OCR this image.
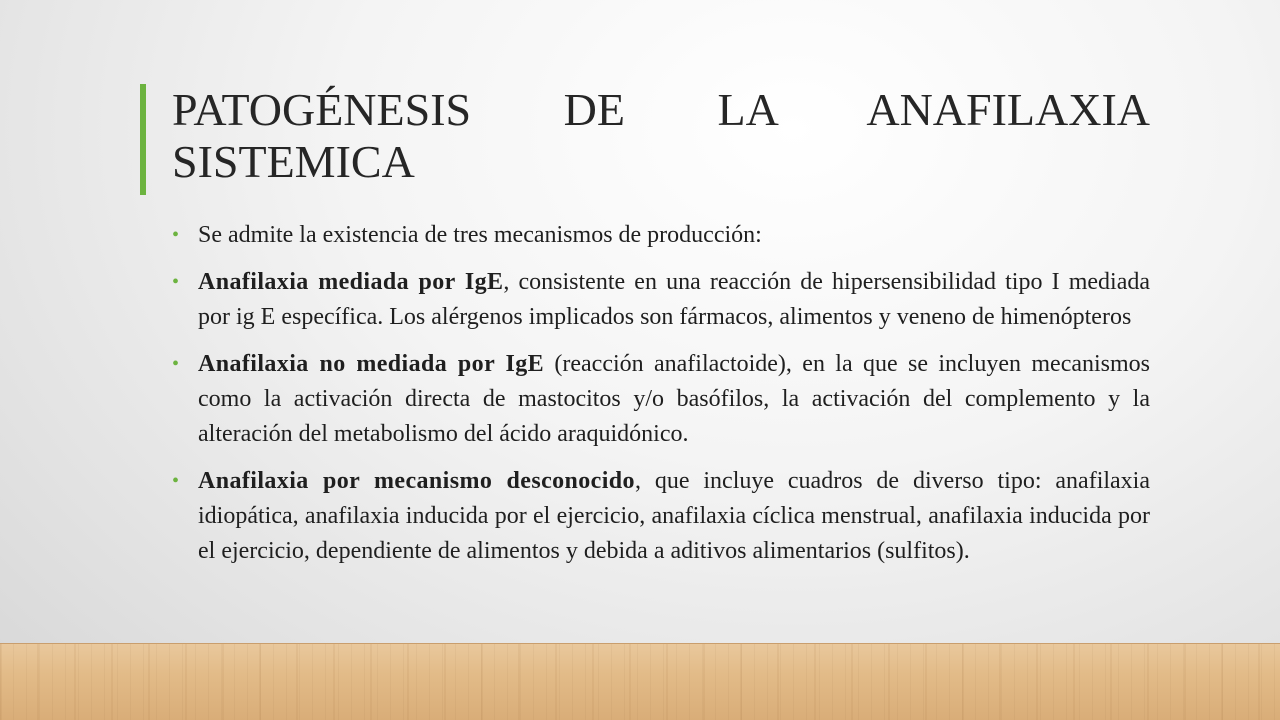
PATOGÉNESIS DE LA ANAFILAXIA
SISTEMICA
• Se admite la existencia de tres mecanismos de producción:
• Anafilaxia mediada por IgE, consistente en una reacción de hipersensibilidad tipo I mediada por ig E específica. Los alérgenos implicados son fármacos, alimentos y veneno de himenópteros
• Anafilaxia no mediada por IgE (reacción anafilactoide), en la que se incluyen mecanismos como la activación directa de mastocitos y/o basófilos, la activación del complemento y la alteración del metabolismo del ácido araquidónico.
• Anafilaxia por mecanismo desconocido, que incluye cuadros de diverso tipo: anafilaxia idiopática, anafilaxia inducida por el ejercicio, anafilaxia cíclica menstrual, anafilaxia inducida por el ejercicio, dependiente de alimentos y debida a aditivos alimentarios (sulfitos).
